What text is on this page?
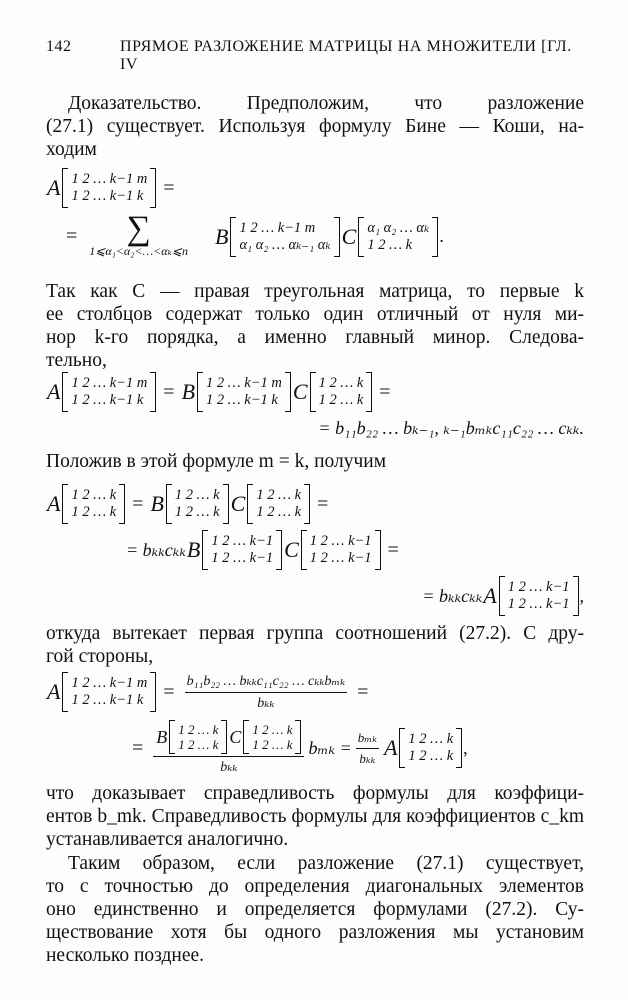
142	ПРЯМОЕ РАЗЛОЖЕНИЕ МАТРИЦЫ НА МНОЖИТЕЛИ [ГЛ. IV
Доказательство. Предположим, что разложение
(27.1) существует. Используя формулу Бине — Коши, на-
ходим
A 1 2 … k−1 m
1 2 … k−1 k =
= ∑
1⩽α₁<α₂<…<αₖ⩽n
B 1 2 … k−1 m
α₁ α₂ … αₖ₋₁ αₖ C α₁ α₂ … αₖ
1 2 … k	.
Так как C — правая треугольная матрица, то первые k
ее столбцов содержат только один отличный от нуля ми-
нор k-го порядка, а именно главный минор. Следова-
тельно,
A 1 2 … k−1 m
1 2 … k−1 k = B 1 2 … k−1 m
1 2 … k−1 k C 1 2 … k
1 2 … k =
= b₁₁b₂₂ … bₖ₋₁, ₖ₋₁bₘₖc₁₁c₂₂ … cₖₖ.
Положив в этой формуле m = k, получим
A 1 2 … k
1 2 … k = B 1 2 … k
1 2 … k C 1 2 … k
1 2 … k =
= bₖₖcₖₖ B 1 2 … k−1
1 2 … k−1 C 1 2 … k−1
1 2 … k−1 =
= bₖₖcₖₖ A 1 2 … k−1
1 2 … k−1 ,
откуда вытекает первая группа соотношений (27.2). С дру-
гой стороны,
A 1 2 … k−1 m
1 2 … k−1 $k = \frac{\text{b₁₁b₂₂ … bₖₖc₁₁c₂₂ … cₖₖbₘₖ}}{\text{bₖₖ}}$ =
= B 1 2 … k
1 2 … k C 1 2 … k
1 2 … k
bₖₖ $b_{mk} = \frac{\text{bₘₖ}}{\text{bₖₖ}}$ A 1 2 … k
1 2 … k ,
что доказывает справедливость формулы для коэффици-
ентов b_mk. Справедливость формулы для коэффициентов c_km
устанавливается аналогично.
Таким образом, если разложение (27.1) существует,
то с точностью до определения диагональных элементов
оно единственно и определяется формулами (27.2). Су-
ществование хотя бы одного разложения мы установим
несколько позднее.
